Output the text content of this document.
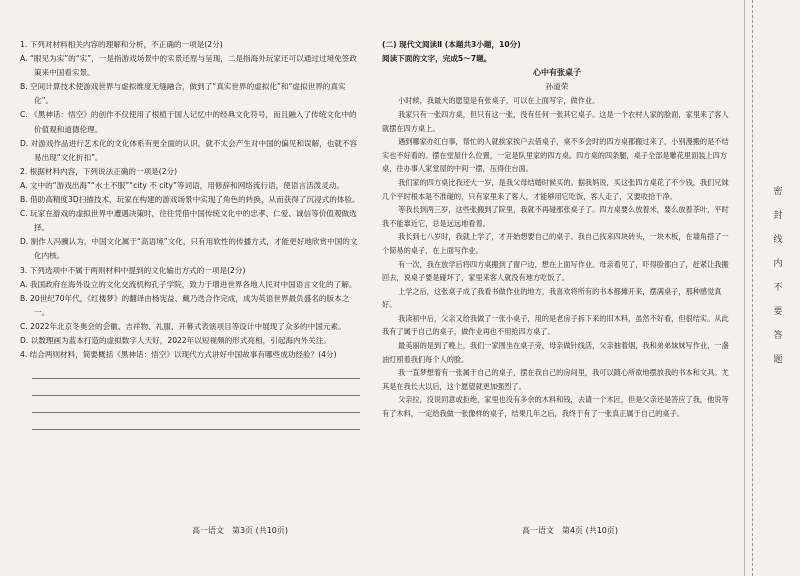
1. 下列对材料相关内容的理解和分析，不正确的一项是(2分)

A. “眼见为实”的“实”，一是指游戏场景中的实景还原与呈现，二是指海外玩家还可以通过过境免签政策来中国看实景。

B. 空间计算技术使游戏世界与虚拟维度无缝融合，做到了“真实世界的虚拟化”和“虚拟世界的真实化”。

C. 《黑神话：悟空》的创作不仅使用了根植于国人记忆中的经典文化符号，而且融入了传统文化中的价值观和道德伦理。

D. 对游戏作品进行艺术化的文化体系有更全面的认识，就不太会产生对中国的偏见和误解，也就不容易出现“文化折扣”。

2. 根据材料内容，下列说法正确的一项是(2分)

A. 文中的“游戏出海”“水土不服”“city 不 city”等词语，用修辞和网络流行语，使语言活泼灵动。

B. 借助高精度3D扫描技术，玩家在构建的游戏场景中实现了角色的转换，从而获得了沉浸式的体验。

C. 玩家在游戏的虚拟世界中遭遇决策时，往往凭借中国传统文化中的忠孝、仁爱、诚信等价值观做选择。

D. 制作人冯骥认为，中国文化属于“高语境”文化，只有用软性的传播方式，才能更好地欣赏中国的文化内核。

3. 下列选项中不属于两则材料中提到的文化输出方式的一项是(2分)

A. 我国政府在海外设立的文化交流机构孔子学院，致力于增进世界各地人民对中国语言文化的了解。

B. 20世纪70年代，《红楼梦》的翻译由杨宪益、戴乃迭合作完成，成为英语世界最负盛名的版本之一。

C. 2022年北京冬奥会的会徽、吉祥物、礼服、开幕式表演项目等设计中展现了众多的中国元素。

D. 以数理画为蓝本打造的虚拟数字人天好，2022年以短视频的形式亮相，引起海内外关注。

4. 结合两则材料，简要概括《黑神话：悟空》以现代方式讲好中国故事有哪些成功经验？(4分)

(二) 现代文阅读Ⅱ (本题共3小题，10分)

阅读下面的文字，完成5～7题。

心中有张桌子

孙道荣

小时候，我最大的愿望是有张桌子，可以在上面写字，做作业。

我家只有一张四方桌，但只有这一张，没有任何一张其它桌子。这是一个农村人家的脸面，家里来了客人就摆在四方桌上。

遇到哪家办红白事，帮忙的人就挨家挨户去借桌子，桌不多会时的四方桌都搬过来了，小别漫搬的是不结实也不好看的。摆在堂屋什么位置，一定是队里家的四方桌。四方桌的四条腿，桌子全部是雕花里面装上四方桌，往办事人家堂屋的中间一摆，压得住台面。

我们家的四方桌比我还大一岁，是我父母结婚时候买的。据我妈说，买这张四方桌花了不少钱，我们兄妹几个平时根本是不准碰的，只有家里来了客人，才能够用它吃饭，客人走了，又要收拾干净。

等我长到两三岁，这些张搬到了院里，我就不再碰那张桌子了。四方桌要么放着米，要么放着茶叶，平时我不能靠近它，总是远远地看着。

我长到七八岁时，我就上学了，才开始想要自己的桌子。我自己找来四块砖头，一块木板，在墙角搭了一个简易的桌子，在上面写作业。

有一次，我在放学后将四方桌搬到了窗户边，想在上面写作业。母亲看见了，吓得脸都白了，赶紧让我搬回去，说桌子要是碰坏了，家里来客人就没有地方吃饭了。

上学之后，这张桌子成了我看书做作业的地方，我喜欢将所有的书本都摊开来，摆满桌子，那种感觉真好。

我读初中后，父亲又给我做了一张小桌子，用的是老房子拆下来的旧木料，虽然不好看，但很结实。从此我有了属于自己的桌子，做作业再也不用抢四方桌了。

最美丽的是到了晚上，我们一家围坐在桌子旁，母亲做针线活，父亲抽着烟，我和弟弟妹妹写作业，一盏油灯照着我们每个人的脸。

我一直梦想着有一张属于自己的桌子，摆在我自己的房间里，我可以随心所欲地摆放我的书本和文具。尤其是在我长大以后，这个愿望就更加强烈了。

父亲拉，没说同意或拒绝，家里也没有多余的木料和钱，去请一个木匠，但是父亲还是答应了我，他说等有了木料，一定给我做一张像样的桌子，结果几年之后，我终于有了一张真正属于自己的桌子。

高一语文　第3页 (共10页)	高一语文　第4页 (共10页)
密
封
线
内
不
要
答
题
